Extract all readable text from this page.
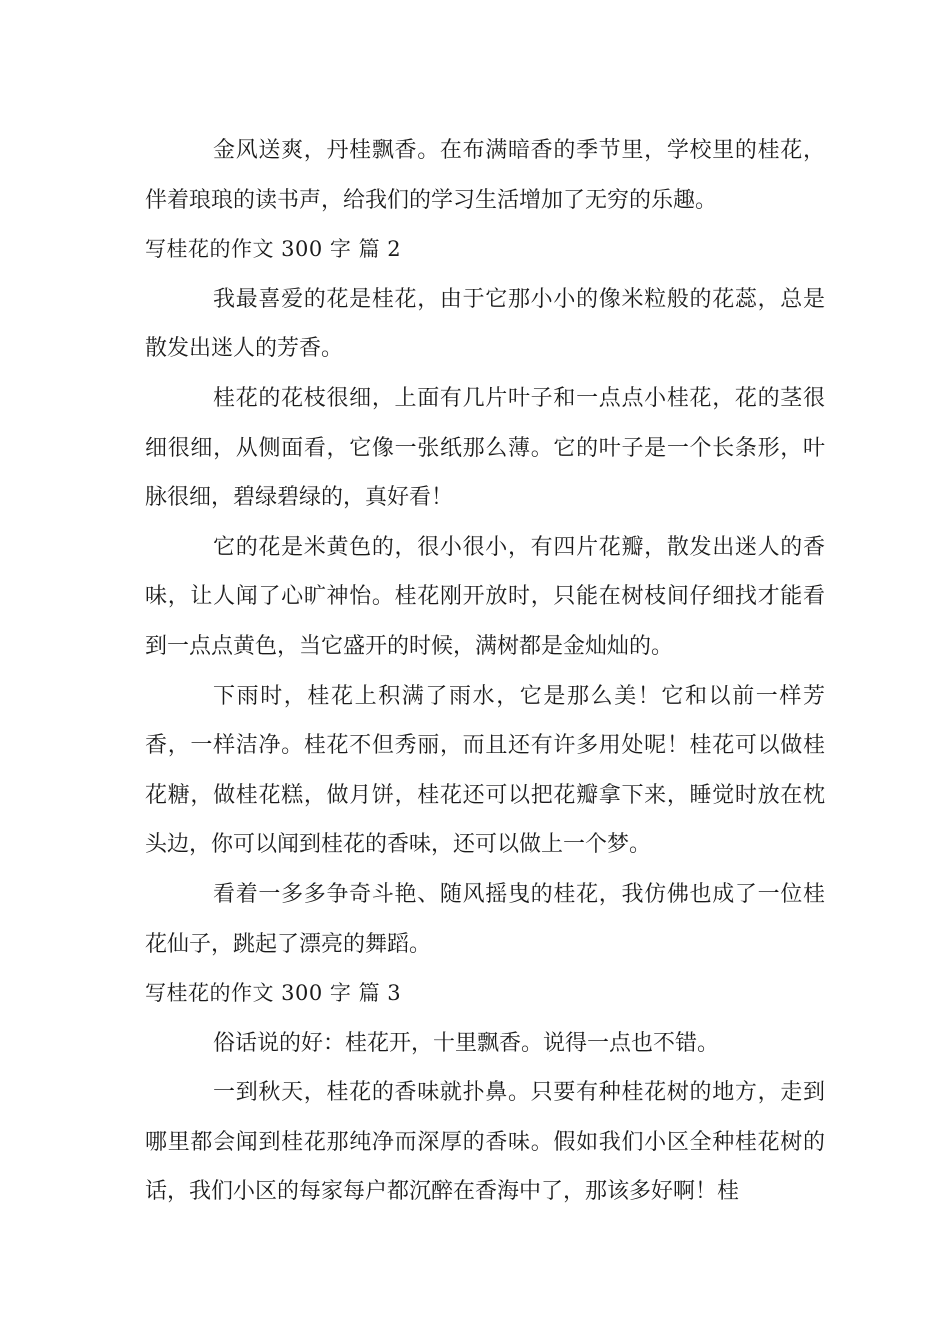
金风送爽，丹桂飘香。在布满暗香的季节里，学校里的桂花，伴着琅琅的读书声，给我们的学习生活增加了无穷的乐趣。

写桂花的作文 300 字 篇 2

我最喜爱的花是桂花，由于它那小小的像米粒般的花蕊，总是散发出迷人的芳香。

桂花的花枝很细，上面有几片叶子和一点点小桂花，花的茎很细很细，从侧面看，它像一张纸那么薄。它的叶子是一个长条形，叶脉很细，碧绿碧绿的，真好看！

它的花是米黄色的，很小很小，有四片花瓣，散发出迷人的香味，让人闻了心旷神怡。桂花刚开放时，只能在树枝间仔细找才能看到一点点黄色，当它盛开的时候，满树都是金灿灿的。

下雨时，桂花上积满了雨水，它是那么美！它和以前一样芳香，一样洁净。桂花不但秀丽，而且还有许多用处呢！桂花可以做桂花糖，做桂花糕，做月饼，桂花还可以把花瓣拿下来，睡觉时放在枕头边，你可以闻到桂花的香味，还可以做上一个梦。

看着一多多争奇斗艳、随风摇曳的桂花，我仿佛也成了一位桂花仙子，跳起了漂亮的舞蹈。

写桂花的作文 300 字 篇 3

俗话说的好：桂花开，十里飘香。说得一点也不错。

一到秋天，桂花的香味就扑鼻。只要有种桂花树的地方，走到哪里都会闻到桂花那纯净而深厚的香味。假如我们小区全种桂花树的话，我们小区的每家每户都沉醉在香海中了，那该多好啊！桂
